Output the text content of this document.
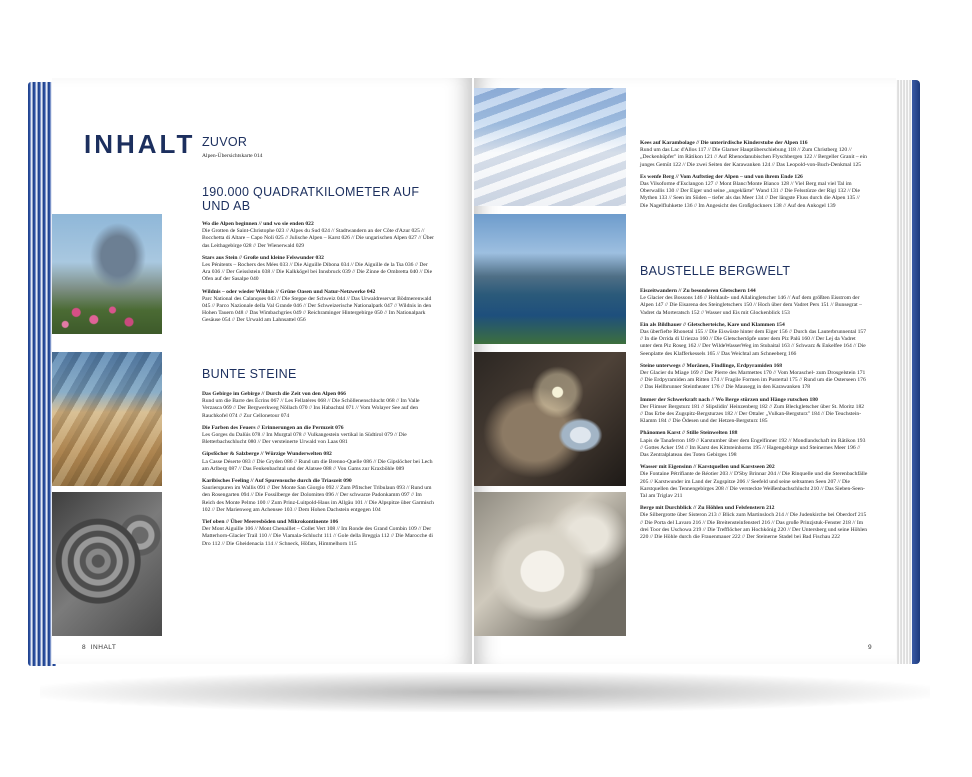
INHALT ZUVOR
Alpen-Übersichtskarte 014
190.000 QUADRATKILOMETER AUF UND AB
Wo die Alpen beginnen // und wo sie enden 022
Die Grotten de Saint-Christophe 023 // Alpes du Sud 024 // Stadtwandern an der Côte d'Azur 025 // Bocchetta di Altare – Capo Noli 025 // Julische Alpen – Karst 026 // Die ungarischen Alpen 027 // Über das Leithagebirge 028 // Der Wienerwald 029
Stars aus Stein // Große und kleine Felswunder 032
Les Pénitents – Rochers des Mées 033 // Die Aiguille Dibona 034 // Die Aiguille de la Tsa 036 // Der Ara 036 // Der Geisslstein 038 // Die Kalkkögel bei Innsbruck 039 // Die Zinne de Ombretta 040 // Die Ofen auf der Sasalpe 040
Wildnis – oder wieder Wildnis // Grüne Oasen und Natur-Netzwerke 042
Parc National des Calanques 043 // Die Steppe der Schweiz 044 // Das Urwaldreservat Bödmerenwald 045 // Parco Nazionale della Val Grande 046 // Der Schweizerische Nationalpark 047 // Wildnis in den Hohen Tauern 048 // Das Wimbachgries 049 // Reichraminger Hintergebirge 050 // Im Nationalpark Gesäuse 054 // Der Urwald am Lahnsattel 056
BUNTE STEINE
Das Gebirge im Gebirge // Durch die Zeit von den Alpen 066
Rund um die Barre des Écrins 067 // Les Fellatères 068 // Die Schöllenenschlucht 068 // Im Valle Verzasca 069 // Der Bergwerkweg Nöllach 070 // Ins Habachtal 071 // Vom Wolayer See auf den Rauchkofel 074 // Zur Cellonetour 074
Die Farben des Feuers // Erinnerungen an die Permzeit 076
Les Gorges du Dalüis 078 // Im Murgtal 078 // Vulkangestein vertikal in Südtirol 079 // Die Bletterbachschlucht 080 // Der versteinerte Urwald von Laas 081
Gipsföcher & Salzberge // Würzige Wunderwelten 082
La Casse Déserte 083 // Die Gryden 086 // Rund um die Brenno-Quelle 086 // Die Gipslöcher bei Lech am Arlberg 087 // Das Fenkenbachtal und der Alatsee 088 // Von Gams zur Kraxböhle 089
Karibisches Feeling // Auf Spurensuche durch die Triaszeit 090
Saurierspuren im Wallis 091 // Der Monte San Giorgio 092 // Zum Pfitscher Tribulaun 093 // Rund um den Rosengarten 094 // Die Fossilberge der Dolomiten 096 // Der schwarze Padonkamm 097 // Im Reich des Monte Pelmo 100 // Zum Prinz-Luitpold-Haus im Allgäu 101 // Die Alpspitze über Garmisch 102 // Der Marienweg am Achensee 103 // Dem Hohen Dachstein entgegen 104
Tief oben // Über Meeresböden und Mikrokontinente 106
Der Mont Aiguille 106 // Mont Chenaillet – Collet Vert 108 // Im Ronde des Grand Combin 109 // Der Matterhorn-Glacier Trail 110 // Die Viamala-Schlucht 111 // Gole della Breggia 112 // Die Marocche di Dro 112 // Die Gheidenacia 114 // Schneck, Höfats, Himmelhorn 115
8 INHALT
Kees auf Karambolage // Die unterirdische Kinderstube der Alpen 116
Rund um das Lac d'Allos 117 // Die Glarner Hauptüberschiebung 118 // Zum Christberg 120 // „Deckenhüpfer" im Rätikon 121 // Auf Rhenodanubischen Flyschbergen 122 // Bergeller Granit – ein junges Gemüt 122 // Die zwei Seiten der Karawanken 124 // Das Leopold-von-Buch-Denkmal 125
Es wenfe Berg // Vom Auftstieg der Alpen – und von ihrem Ende 126
Das Vilsoforme d'Esclangon 127 // Mont Blanc/Monte Bianco 128 // Viel Berg mal viel Tal im Oberwallis 130 // Der Eiger und seine „ungeklärte" Wand 131 // Die Felsstürze der Rigi 132 // Die Mythen 133 // Seen im Süden – tiefer als das Meer 134 // Der längste Fluss durch die Alpen 135 // Die Nagelfluhkette 136 // Im Angesicht des Großglockners 138 // Auf den Ankogel 139
BAUSTELLE BERGWELT
Eiszeitwandern // Zu besonderen Gletschern 144
Le Glacier des Bossons 146 // Hohlaub- und Allalingletscher 146 // Auf dem größten Eisstrom der Alpen 147 // Die Eisarena des Steingletschers 150 // Hoch über dem Vadret Pers 151 // Bunsegrat – Vadret da Morteratsch 152 // Wasser und Eis mit Glockenblick 153
Ein als Bildhauer // Gletscherteiche, Kare und Klammen 154
Das überfiefte Rhonetal 155 // Die Eiswüste hinter dem Eiger 156 // Durch das Lauterbrunnental 157 // In die Orrida di Uriezzo 160 // Die Gletschertöpfe unter dem Piz Palü 160 // Der Lej da Vadret unter dem Piz Roseg 162 // Der WildeWasserWeg im Stubaital 163 // Schwarz & Enkelfee 164 // Die Seenplatte des Klafferkessels 165 // Das Weichtal am Schneeberg 166
Steine unterwegs // Moränen, Findlinge, Erdpyramiden 168
Der Glacier du Miage 169 // Der Pierre des Marmettes 170 // Vom Moraschel- zum Drosgelstein 171 // Die Erdpyramiden am Ritten 174 // Fragile Formen im Pustertal 175 // Rund um die Osterseen 176 // Das Hellbrunner Steintheater 176 // Die Mausegg in den Karawanken 178
Immer der Schwerkraft nach // Wo Berge stürzen und Hänge rutschen 180
Der Flimser Bergsturz 181 // Slipslidin' Heinzenberg 182 // Zum Bleckgletscher über St. Moritz 182 // Das Erbe des Zugspitz-Bergsturzes 182 // Der Ottaler „Vulkan-Bergsturz" 184 // Die Teuchstein-Klamm 184 // Die Ödesen und der Hetzen-Bergsturz 185
Phänomen Karst // Stille Steinwelten 188
Lapis de Tanaferron 189 // Karstumber über dem Engelfinner 192 // Mondlandschaft im Rätikon 193 // Gottes Acker 194 // Im Karst des Kittsteinhorns 195 // Hagengebirge und Steinernes Meer 196 // Das Zentralplateau des Toten Gebirges 198
Wasser mit Eigensinn // Karstquellen und Karstseen 202
Die Fontaine Pétrifiante de Réotier 203 // D'Sby Brinnar 204 // Die Rinquelle und die Sterenbachfälle 205 // Karstwunder im Land der Zugspitze 206 // Seefeld und seine seltsamen Seen 207 // Die Karstquellen des Tennengebirges 208 // Die versteckte Weißenbachschlucht 210 // Das Sieben-Seen-Tal am Triglav 211
Berge mit Durchblick // Zu Höhlen und Felsfenstern 212
Die Silbergrotte über Sisteron 213 // Blick zum Martinsloch 214 // Die Judenkirche bei Oberdorf 215 // Die Porta del Lavaro 216 // Die Breitensteinfensterl 216 // Das große Prinzjstuk-Fenster 218 // Im drei Toor des Uschowa 219 // Die Trefflöcher am Hochkönig 220 // Der Untersberg und seine Höhlen 220 // Die Höhle durch die Frauenmauer 222 // Der Steinerne Stadel bei Bad Fischau 222
9
